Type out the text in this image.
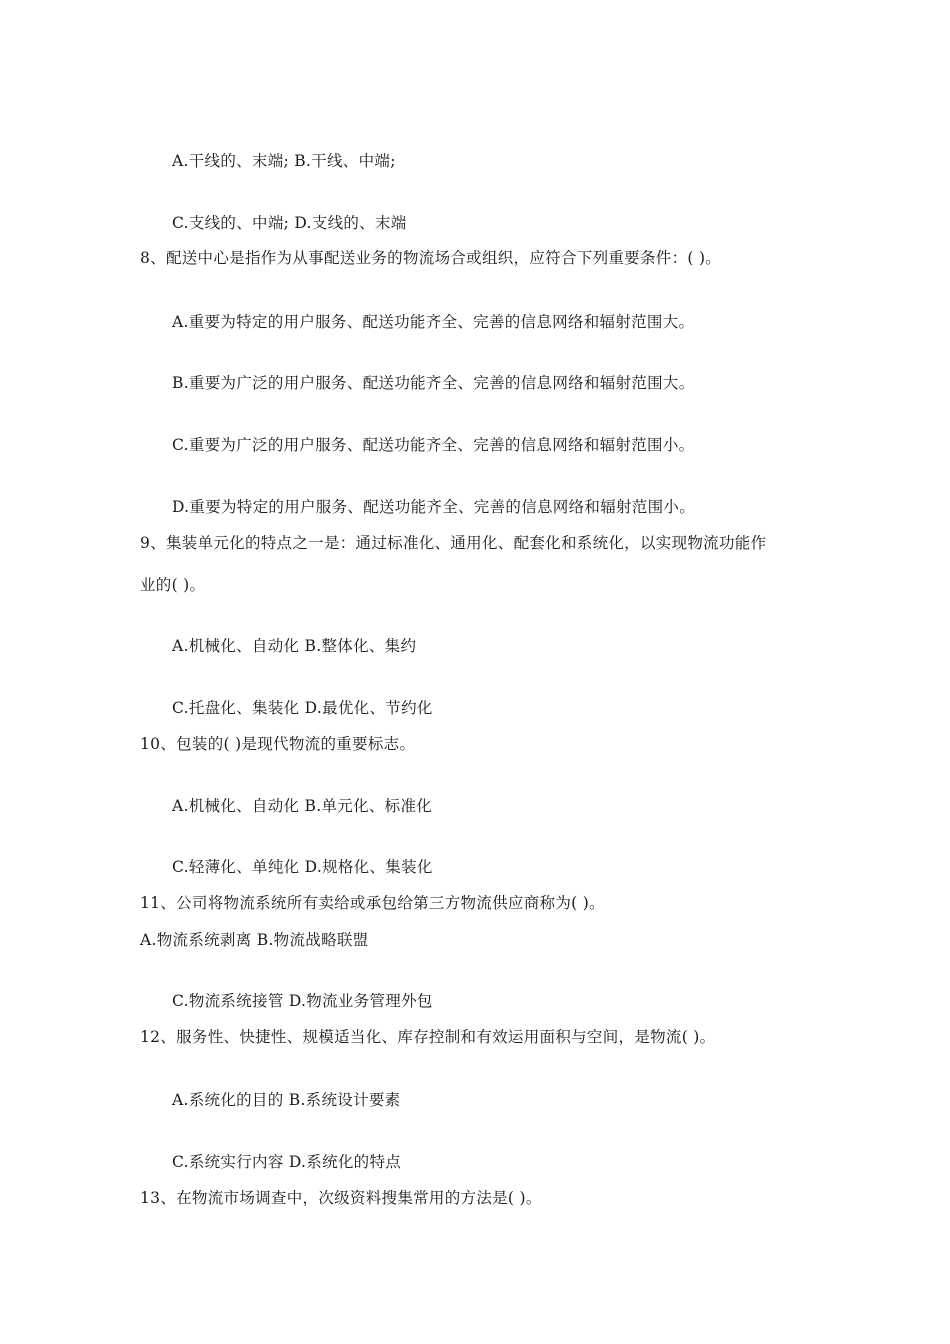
A.干线的、末端; B.干线、中端;
C.支线的、中端; D.支线的、末端
8、配送中心是指作为从事配送业务的物流场合或组织，应符合下列重要条件：( )。
A.重要为特定的用户服务、配送功能齐全、完善的信息网络和辐射范围大。
B.重要为广泛的用户服务、配送功能齐全、完善的信息网络和辐射范围大。
C.重要为广泛的用户服务、配送功能齐全、完善的信息网络和辐射范围小。
D.重要为特定的用户服务、配送功能齐全、完善的信息网络和辐射范围小。
9、集装单元化的特点之一是：通过标准化、通用化、配套化和系统化，以实现物流功能作
业的( )。
A.机械化、自动化 B.整体化、集约
C.托盘化、集装化 D.最优化、节约化
10、包装的( )是现代物流的重要标志。
A.机械化、自动化 B.单元化、标准化
C.轻薄化、单纯化 D.规格化、集装化
11、公司将物流系统所有卖给或承包给第三方物流供应商称为( )。
A.物流系统剥离 B.物流战略联盟
C.物流系统接管 D.物流业务管理外包
12、服务性、快捷性、规模适当化、库存控制和有效运用面积与空间，是物流( )。
A.系统化的目的 B.系统设计要素
C.系统实行内容 D.系统化的特点
13、在物流市场调查中，次级资料搜集常用的方法是( )。
